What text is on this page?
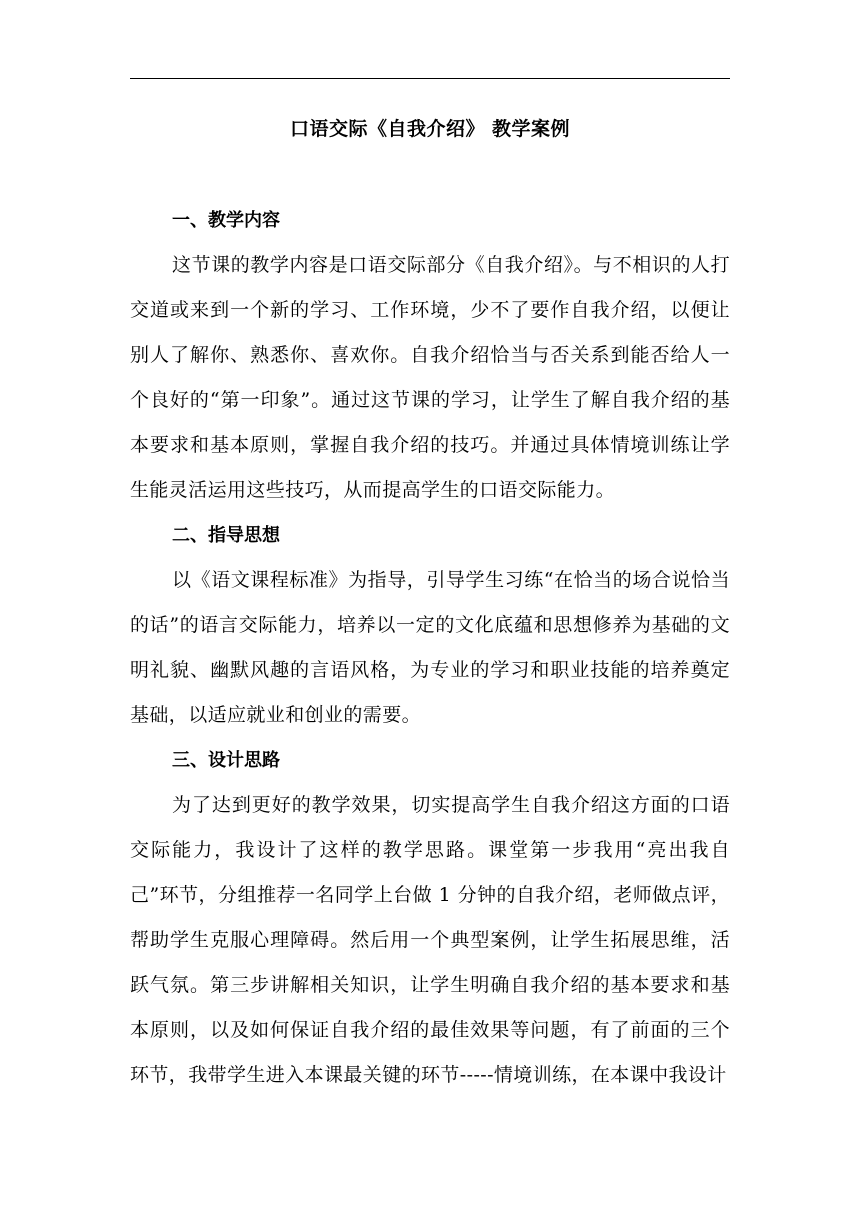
口语交际《自我介绍》 教学案例

一、教学内容

这节课的教学内容是口语交际部分《自我介绍》。与不相识的人打交道或来到一个新的学习、工作环境，少不了要作自我介绍，以便让别人了解你、熟悉你、喜欢你。自我介绍恰当与否关系到能否给人一个良好的“第一印象”。通过这节课的学习，让学生了解自我介绍的基本要求和基本原则，掌握自我介绍的技巧。并通过具体情境训练让学生能灵活运用这些技巧，从而提高学生的口语交际能力。

二、指导思想

以《语文课程标准》为指导，引导学生习练“在恰当的场合说恰当的话”的语言交际能力，培养以一定的文化底蕴和思想修养为基础的文明礼貌、幽默风趣的言语风格，为专业的学习和职业技能的培养奠定基础，以适应就业和创业的需要。

三、设计思路

为了达到更好的教学效果，切实提高学生自我介绍这方面的口语交际能力，我设计了这样的教学思路。课堂第一步我用“亮出我自己”环节，分组推荐一名同学上台做 1 分钟的自我介绍，老师做点评，帮助学生克服心理障碍。然后用一个典型案例，让学生拓展思维，活跃气氛。第三步讲解相关知识，让学生明确自我介绍的基本要求和基本原则，以及如何保证自我介绍的最佳效果等问题，有了前面的三个环节，我带学生进入本课最关键的环节-----情境训练，在本课中我设计
